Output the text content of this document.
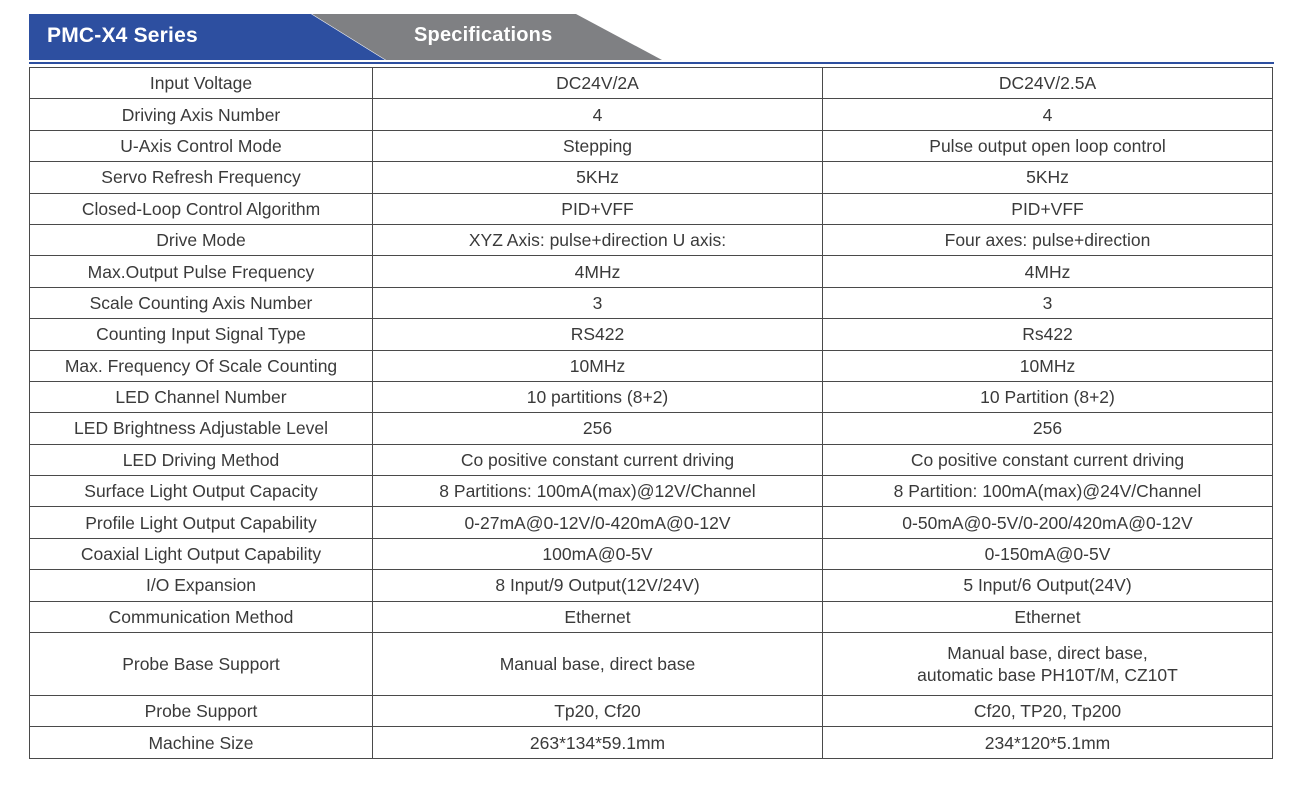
PMC-X4 Series	Specifications
Input Voltage	DC24V/2A	DC24V/2.5A
Driving Axis Number	4	4
U-Axis Control Mode	Stepping	Pulse output open loop control
Servo Refresh Frequency	5KHz	5KHz
Closed-Loop Control Algorithm	PID+VFF	PID+VFF
Drive Mode	XYZ Axis: pulse+direction U axis:	Four axes: pulse+direction
Max.Output Pulse Frequency	4MHz	4MHz
Scale Counting Axis Number	3	3
Counting Input Signal Type	RS422	Rs422
Max. Frequency Of Scale Counting	10MHz	10MHz
LED Channel Number	10 partitions (8+2)	10 Partition (8+2)
LED Brightness Adjustable Level	256	256
LED Driving Method	Co positive constant current driving	Co positive constant current driving
Surface Light Output Capacity	8 Partitions: 100mA(max)@12V/Channel	8 Partition: 100mA(max)@24V/Channel
Profile Light Output Capability	0-27mA@0-12V/0-420mA@0-12V	0-50mA@0-5V/0-200/420mA@0-12V
Coaxial Light Output Capability	100mA@0-5V	0-150mA@0-5V
I/O Expansion	8 Input/9 Output(12V/24V)	5 Input/6 Output(24V)
Communication Method	Ethernet	Ethernet
Probe Base Support	Manual base, direct base	Manual base, direct base,
automatic base PH10T/M, CZ10T

Probe Support	Tp20, Cf20	Cf20, TP20, Tp200
Machine Size	263*134*59.1mm	234*120*5.1mm
